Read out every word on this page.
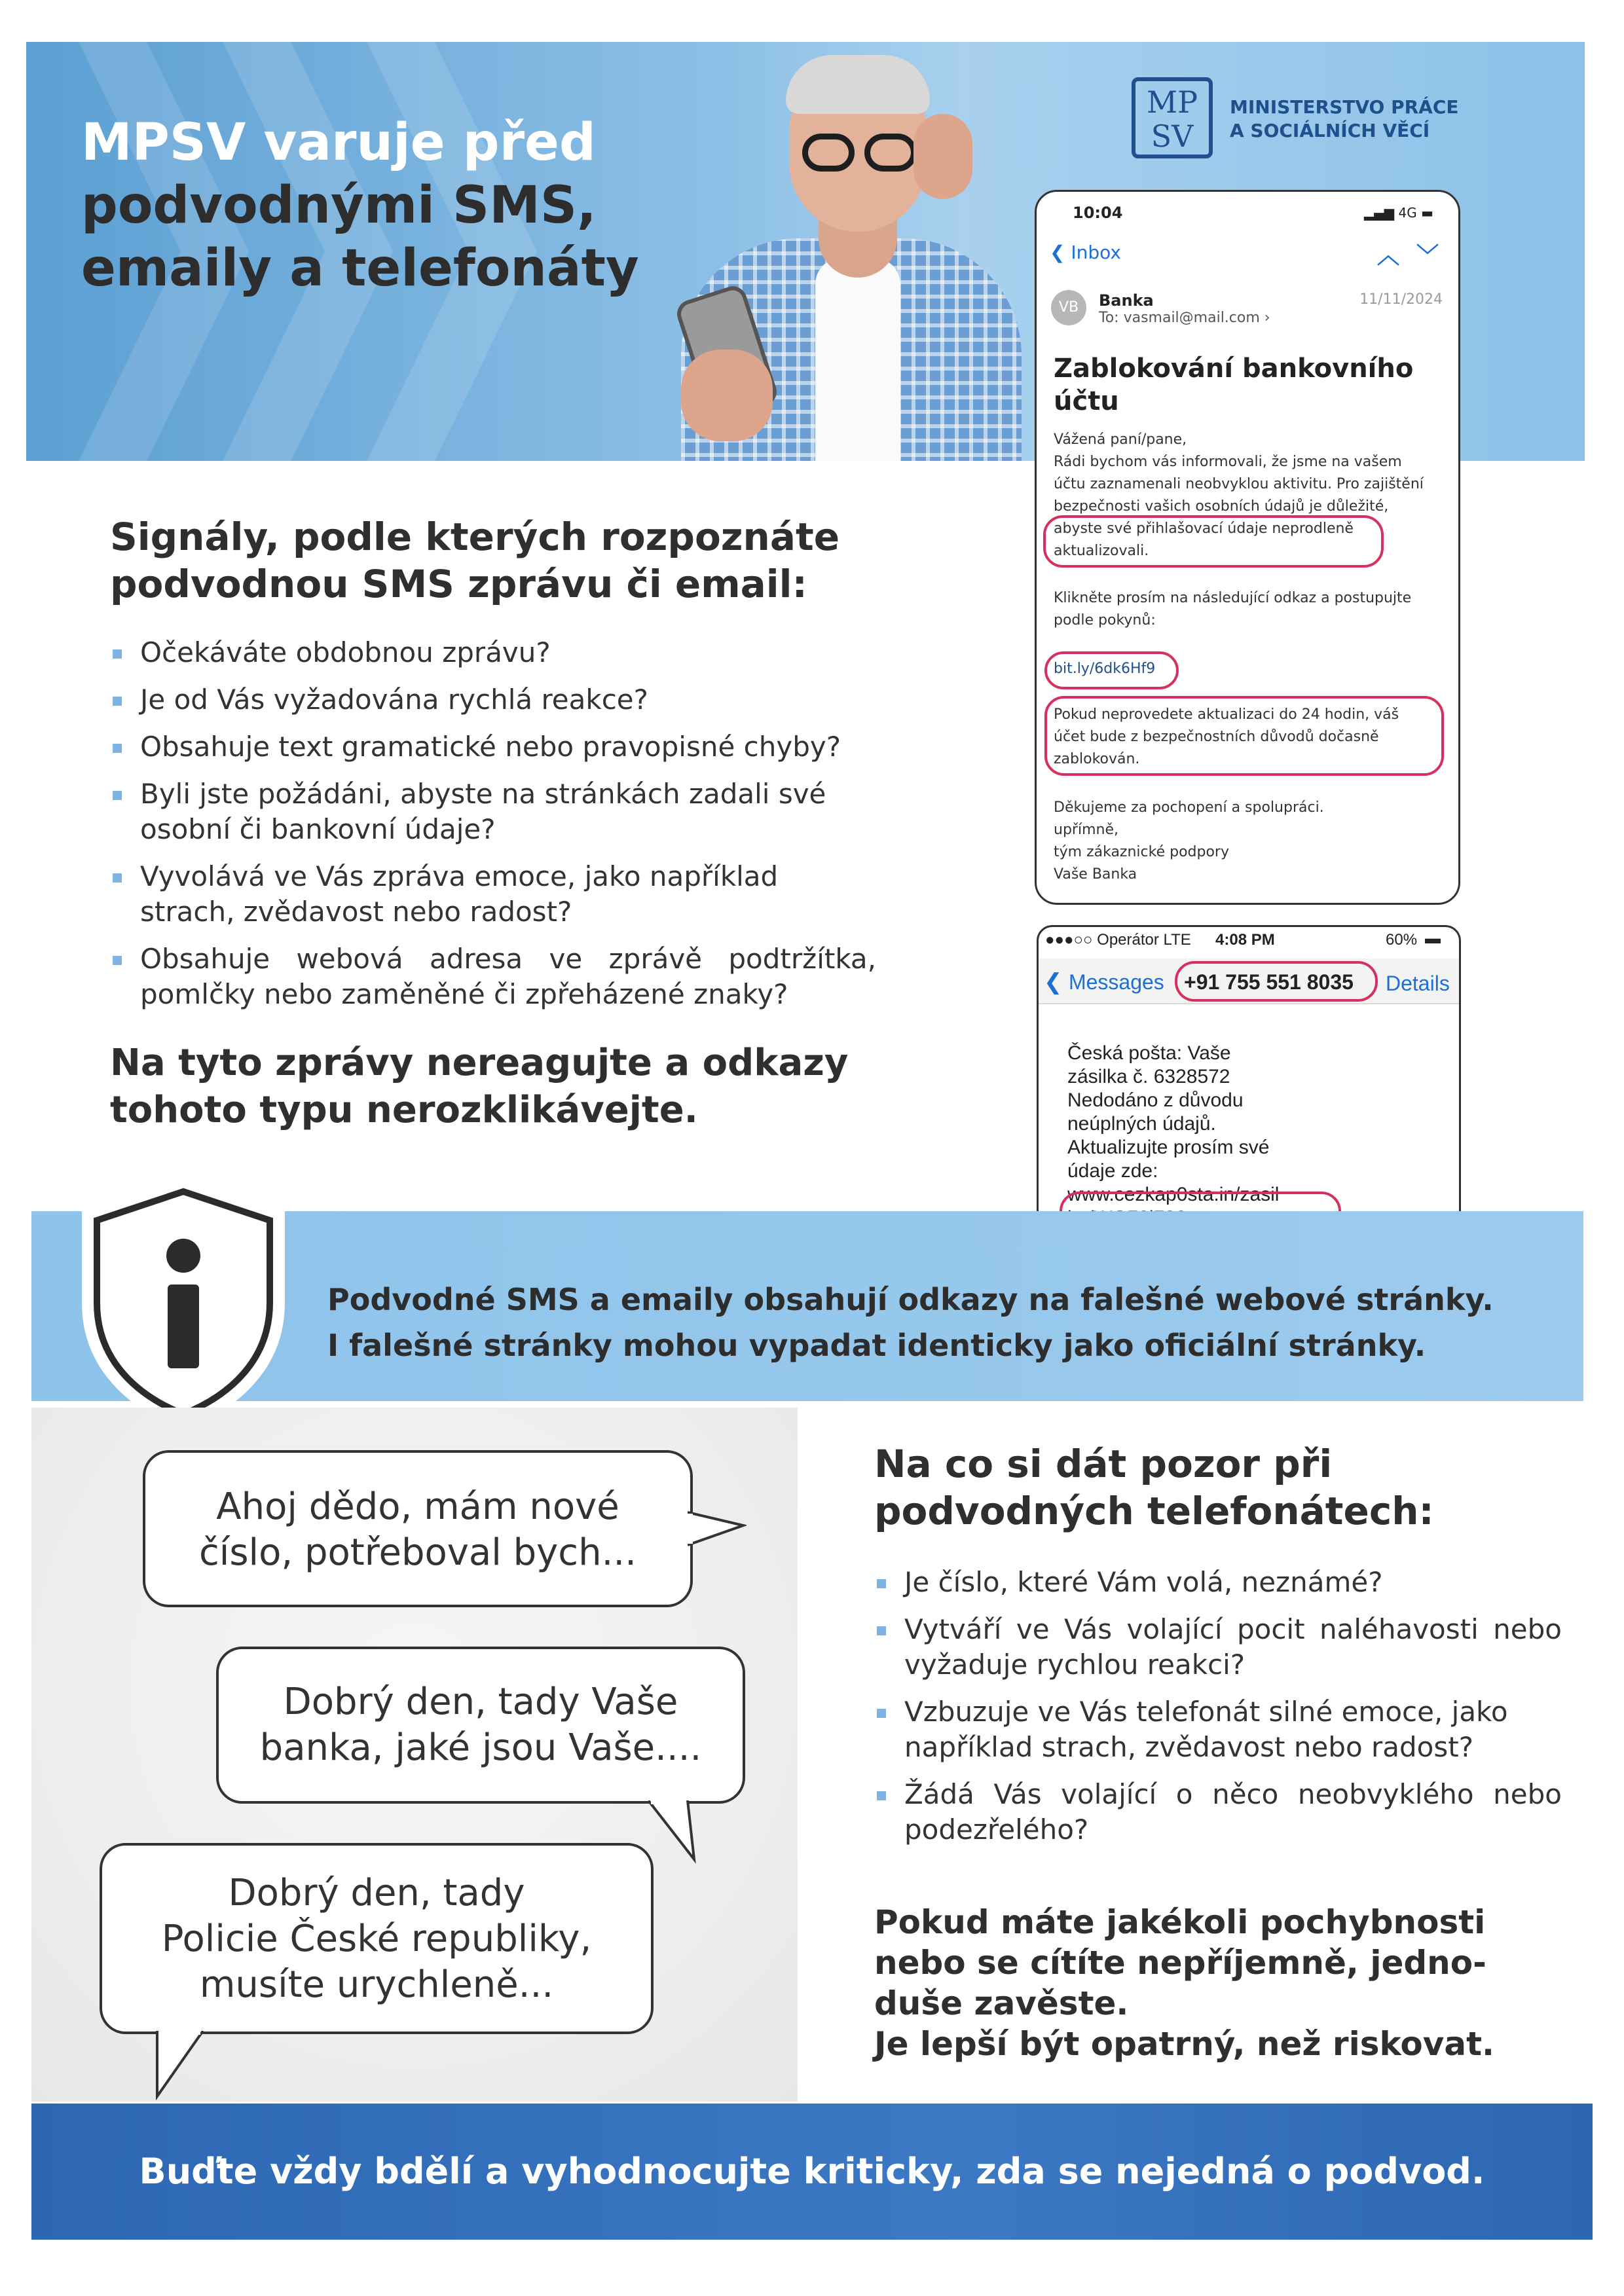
MPSV varuje před
podvodnými SMS,
emaily a telefonáty
MP
SV
MINISTERSTVO PRÁCE
A SOCIÁLNÍCH VĚCÍ
10:04	▂▄▆ 4G ▬
❮ Inbox	︿ ﹀
VB	Banka
To: vasmail@mail.com ›
11/11/2024
Zablokování bankovního účtu
Vážená paní/pane,
Rádi bychom vás informovali, že jsme na vašem
účtu zaznamenali neobvyklou aktivitu. Pro zajištění
bezpečnosti vašich osobních údajů je důležité,
abyste své přihlašovací údaje neprodleně
aktualizovali.
Klikněte prosím na následující odkaz a postupujte
podle pokynů:
bit.ly/6dk6Hf9
Pokud neprovedete aktualizaci do 24 hodin, váš
účet bude z bezpečnostních důvodů dočasně
zablokován.
Děkujeme za pochopení a spolupráci.
upřímně,
tým zákaznické podpory
Vaše Banka
●●●○○ Operátor LTE 4:08 PM	60% ▬
❮ Messages +91 755 551 8035 Details
Česká pošta: Vaše
zásilka č. 6328572
Nedodáno z důvodu
neúplných údajů.
Aktualizujte prosím své
údaje zde:
www.cezkap0sta.in/zasil
Signály, podle kterých rozpoznáte
podvodnou SMS zprávu či email:
Očekáváte obdobnou zprávu?
Je od Vás vyžadována rychlá reakce?
Obsahuje text gramatické nebo pravopisné chyby?
Byli jste požádáni, abyste na stránkách zadali své osobní či bankovní údaje?
Vyvolává ve Vás zpráva emoce, jako například strach, zvědavost nebo radost?
Obsahuje webová adresa ve zprávě podtržítka, pomlčky nebo zaměněné či zpřeházené znaky?
Na tyto zprávy nereagujte a odkazy
tohoto typu nerozklikávejte.
Podvodné SMS a emaily obsahují odkazy na falešné webové stránky.
I falešné stránky mohou vypadat identicky jako oficiální stránky.
Ahoj dědo, mám nové
číslo, potřeboval bych...
Dobrý den, tady Vaše
banka, jaké jsou Vaše....
Dobrý den, tady
Policie České republiky,
musíte urychleně...
Na co si dát pozor při
podvodných telefonátech:
Je číslo, které Vám volá, neznámé?
Vytváří ve Vás volající pocit naléhavosti nebo vyžaduje rychlou reakci?
Vzbuzuje ve Vás telefonát silné emoce, jako například strach, zvědavost nebo radost?
Žádá Vás volající o něco neobvyklého nebo podezřelého?
Pokud máte jakékoli pochybnosti
nebo se cítíte nepříjemně, jedno-
duše zavěste.
Je lepší být opatrný, než riskovat.
Buďte vždy bdělí a vyhodnocujte kriticky, zda se nejedná o podvod.
